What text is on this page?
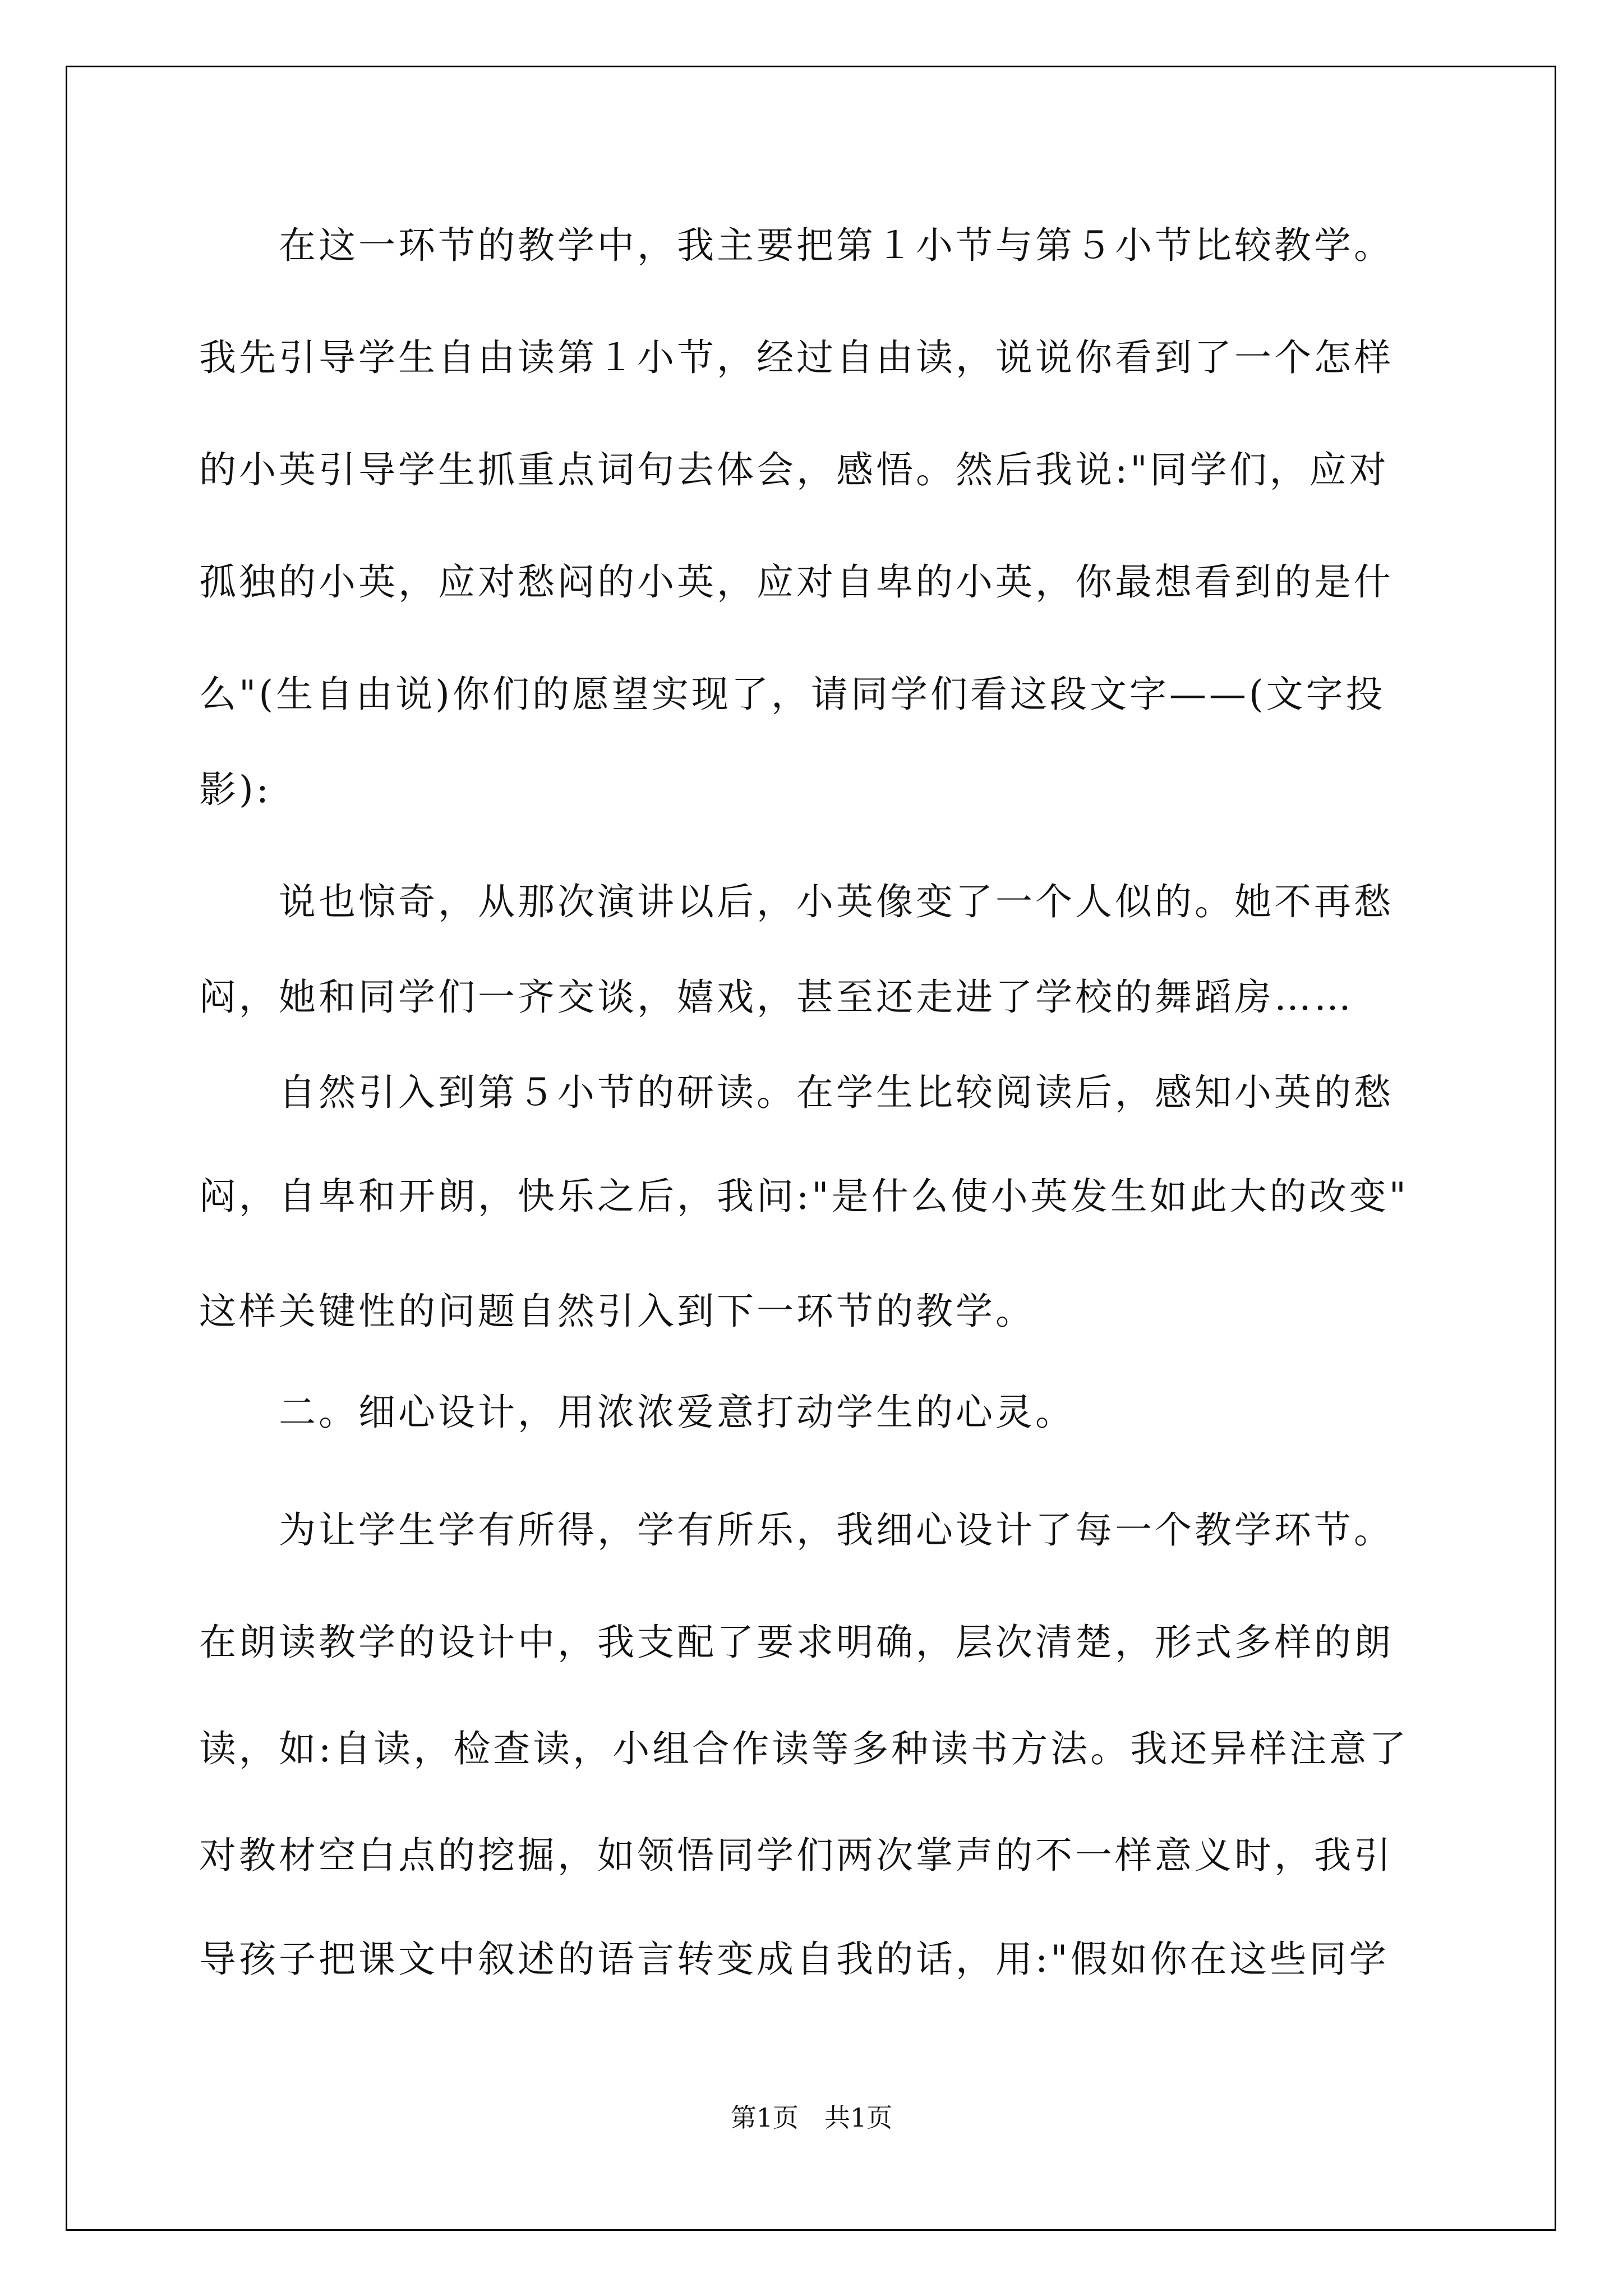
　　在这一环节的教学中，我主要把第１小节与第５小节比较教学。
我先引导学生自由读第１小节，经过自由读，说说你看到了一个怎样
的小英引导学生抓重点词句去体会，感悟。然后我说:"同学们，应对
孤独的小英，应对愁闷的小英，应对自卑的小英，你最想看到的是什
么"(生自由说)你们的愿望实现了，请同学们看这段文字——(文字投
影):
　　说也惊奇，从那次演讲以后，小英像变了一个人似的。她不再愁
闷，她和同学们一齐交谈，嬉戏，甚至还走进了学校的舞蹈房……
　　自然引入到第５小节的研读。在学生比较阅读后，感知小英的愁
闷，自卑和开朗，快乐之后，我问:"是什么使小英发生如此大的改变"
这样关键性的问题自然引入到下一环节的教学。
　　二。细心设计，用浓浓爱意打动学生的心灵。
　　为让学生学有所得，学有所乐，我细心设计了每一个教学环节。
在朗读教学的设计中，我支配了要求明确，层次清楚，形式多样的朗
读，如:自读，检查读，小组合作读等多种读书方法。我还异样注意了
对教材空白点的挖掘，如领悟同学们两次掌声的不一样意义时，我引
导孩子把课文中叙述的语言转变成自我的话，用:"假如你在这些同学
第1页　共1页
